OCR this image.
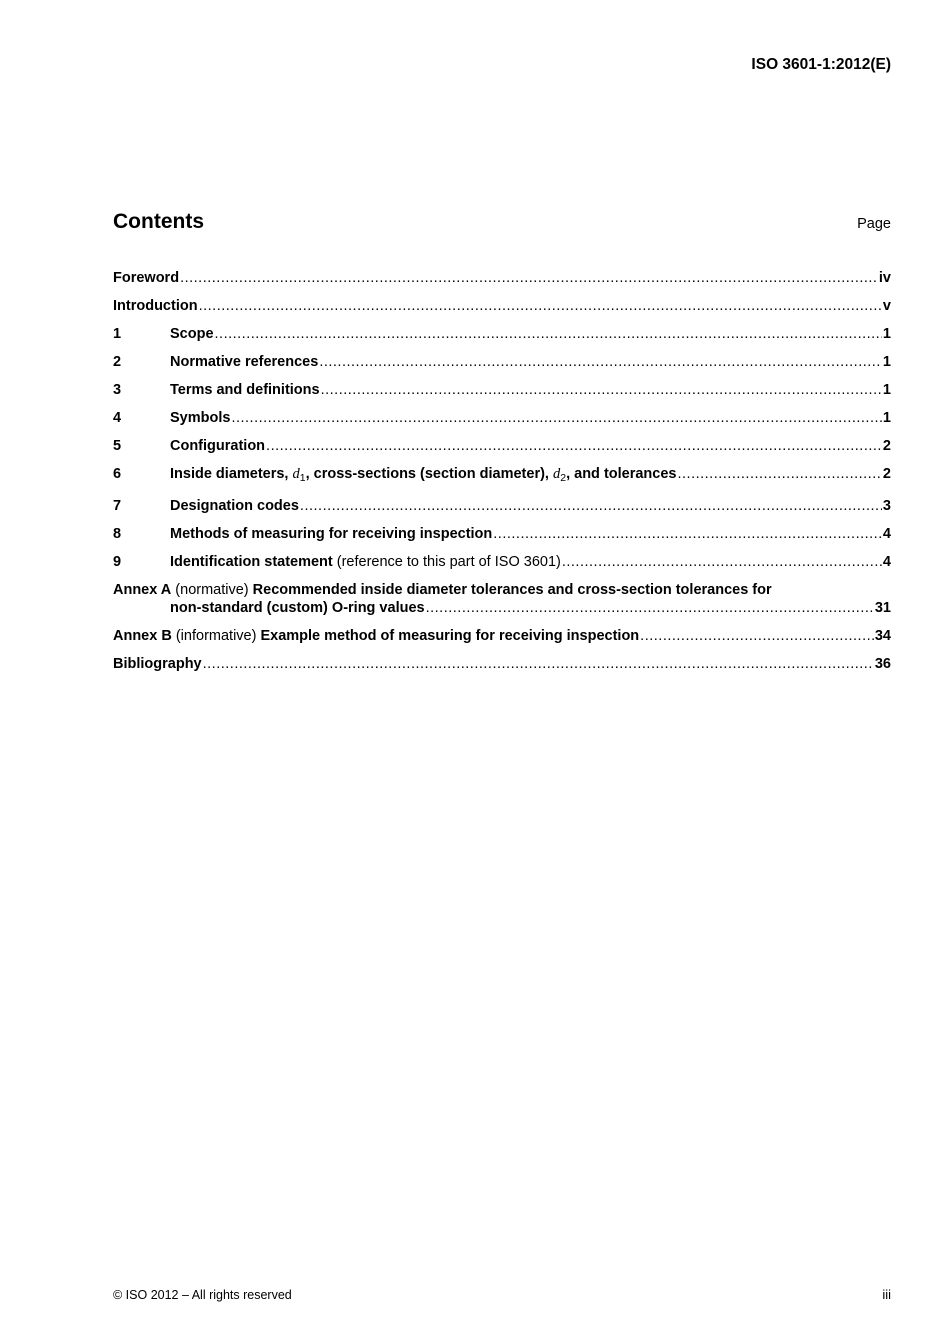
ISO 3601-1:2012(E)
Contents	Page
Foreword .....	iv
Introduction .....	v
1	Scope .....	1
2	Normative references .....	1
3	Terms and definitions .....	1
4	Symbols .....	1
5	Configuration .....	2
6	Inside diameters, $d_1$, cross-sections (section diameter), $d_2$, and tolerances .....	2
7	Designation codes .....	3
8	Methods of measuring for receiving inspection .....	4
9	Identification statement (reference to this part of ISO 3601) .....	4
Annex A (normative) Recommended inside diameter tolerances and cross-section tolerances for
non-standard (custom) O-ring values .....	31
Annex B (informative) Example method of measuring for receiving inspection .....	34
Bibliography .....	36
© ISO 2012 – All rights reserved	iii
